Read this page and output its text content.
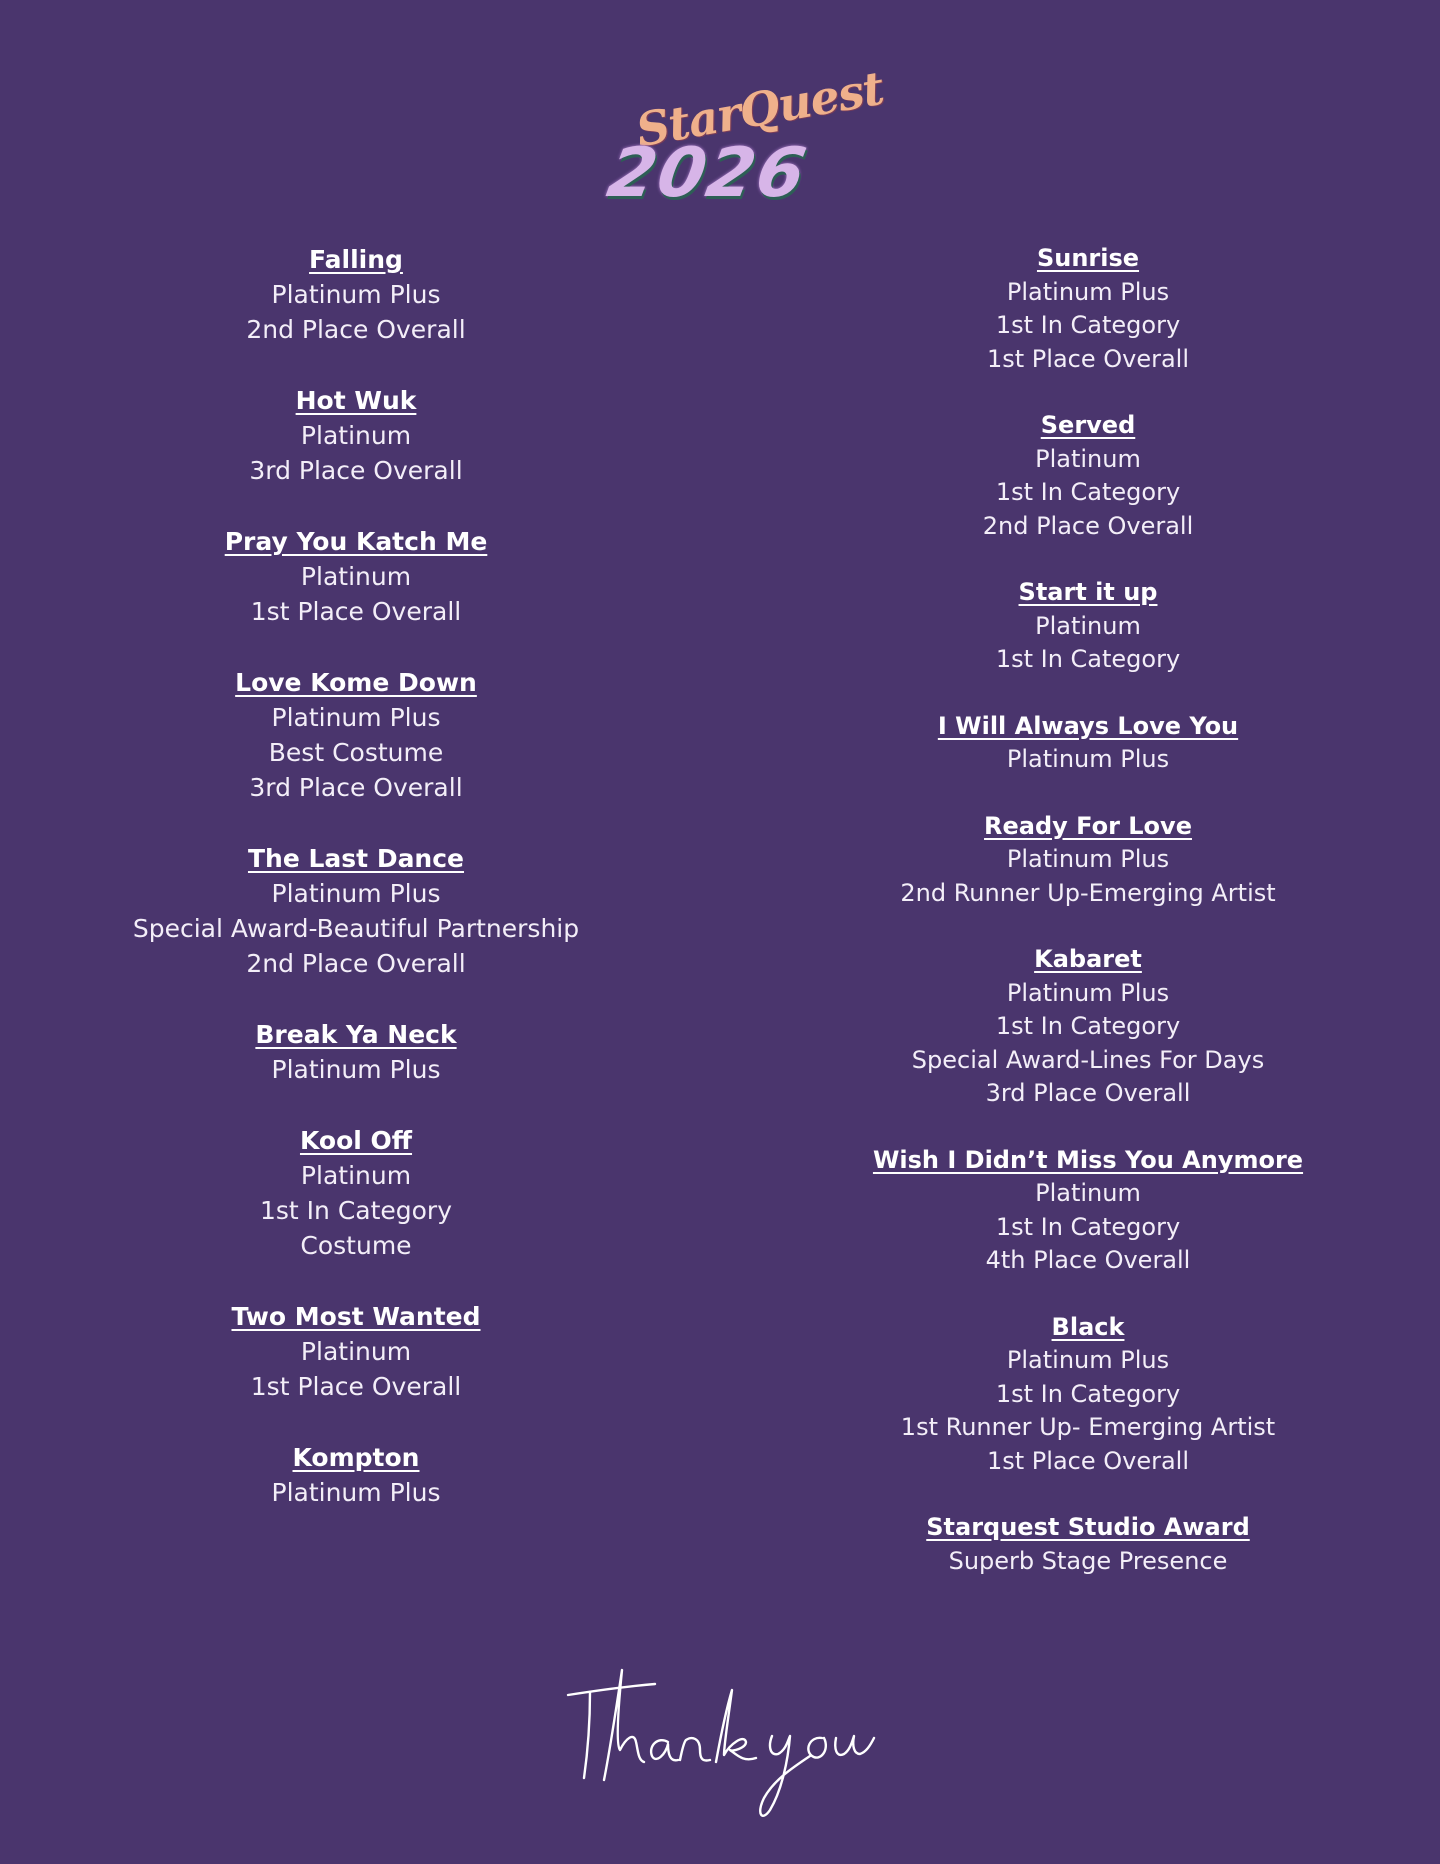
StarQuest
2026
Falling
Platinum Plus
2nd Place Overall
Hot Wuk
Platinum
3rd Place Overall
Pray You Katch Me
Platinum
1st Place Overall
Love Kome Down
Platinum Plus
Best Costume
3rd Place Overall
The Last Dance
Platinum Plus
Special Award-Beautiful Partnership
2nd Place Overall
Break Ya Neck
Platinum Plus
Kool Off
Platinum
1st In Category
Costume
Two Most Wanted
Platinum
1st Place Overall
Kompton
Platinum Plus
Sunrise
Platinum Plus
1st In Category
1st Place Overall
Served
Platinum
1st In Category
2nd Place Overall
Start it up
Platinum
1st In Category
I Will Always Love You
Platinum Plus
Ready For Love
Platinum Plus
2nd Runner Up-Emerging Artist
Kabaret
Platinum Plus
1st In Category
Special Award-Lines For Days
3rd Place Overall
Wish I Didn’t Miss You Anymore
Platinum
1st In Category
4th Place Overall
Black
Platinum Plus
1st In Category
1st Runner Up- Emerging Artist
1st Place Overall
Starquest Studio Award
Superb Stage Presence
